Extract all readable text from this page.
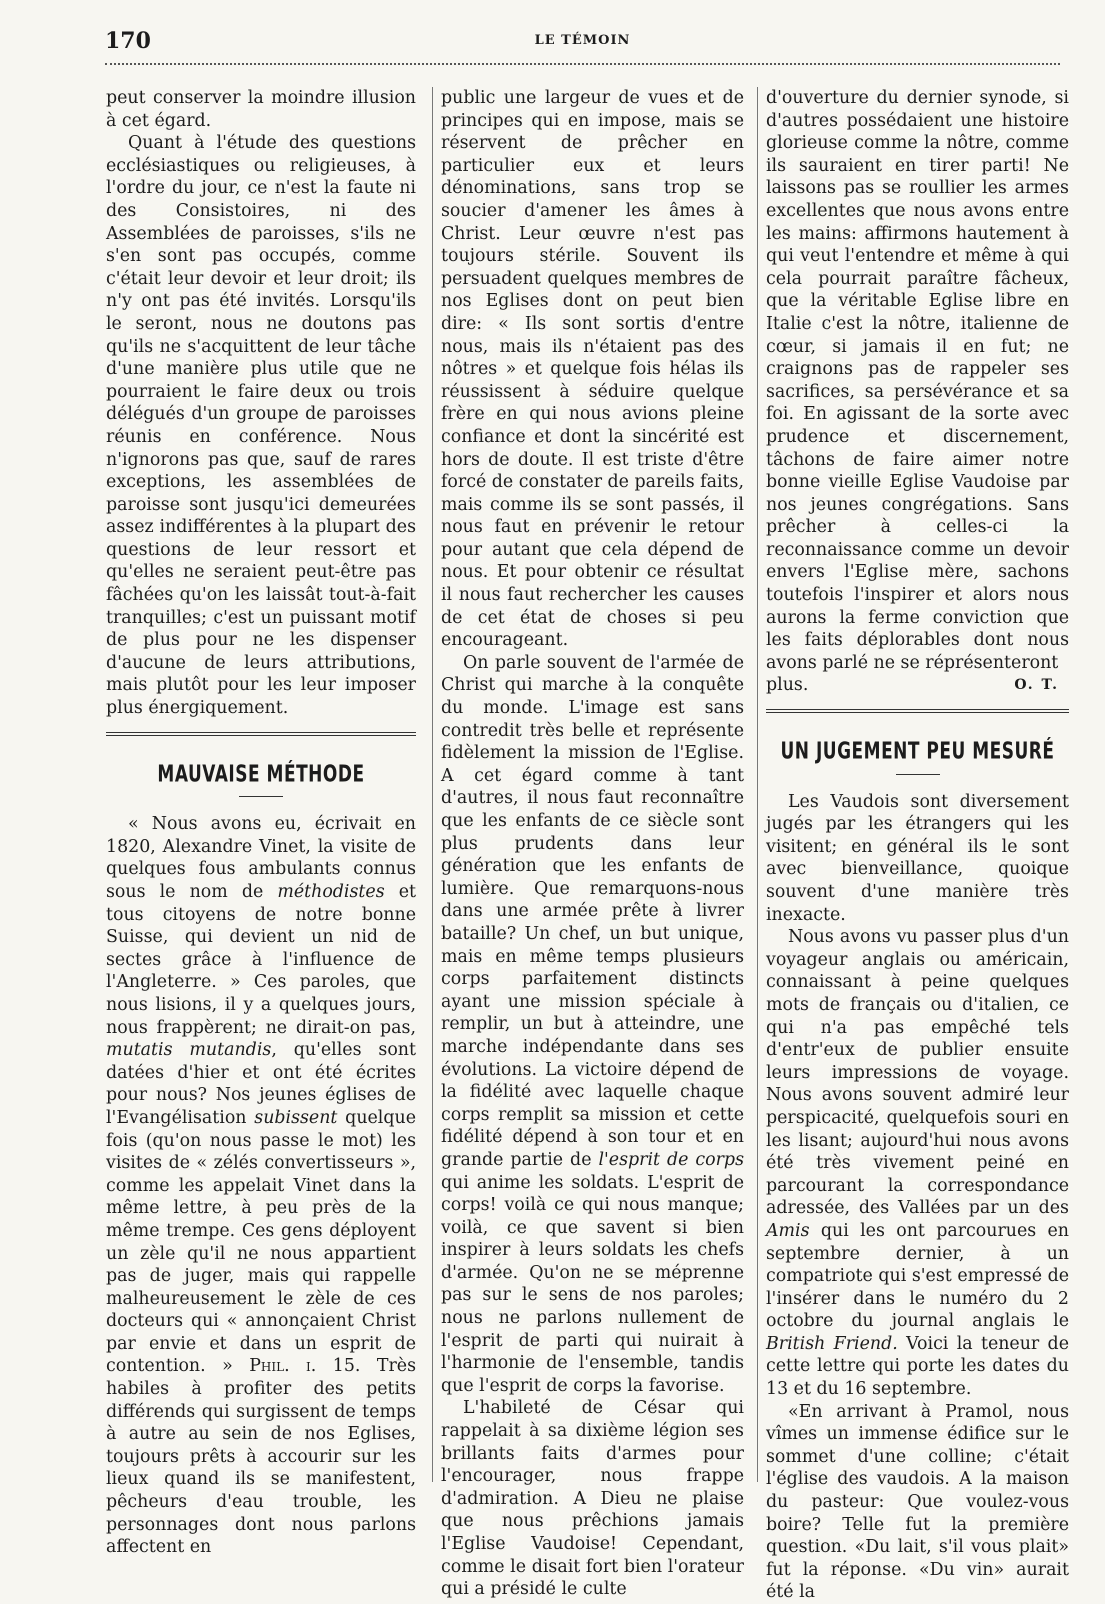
170	LE TÉMOIN

peut conserver la moindre illusion à cet égard.

Quant à l'étude des questions ecclésiastiques ou religieuses, à l'ordre du jour, ce n'est la faute ni des Consistoires, ni des Assemblées de paroisses, s'ils ne s'en sont pas occupés, comme c'était leur devoir et leur droit; ils n'y ont pas été invités. Lorsqu'ils le seront, nous ne doutons pas qu'ils ne s'acquittent de leur tâche d'une manière plus utile que ne pourraient le faire deux ou trois délégués d'un groupe de paroisses réunis en conférence. Nous n'ignorons pas que, sauf de rares exceptions, les assemblées de paroisse sont jusqu'ici demeurées assez indifférentes à la plupart des questions de leur ressort et qu'elles ne seraient peut-être pas fâchées qu'on les laissât tout-à-fait tranquilles; c'est un puissant motif de plus pour ne les dispenser d'aucune de leurs attributions, mais plutôt pour les leur imposer plus énergiquement.

MAUVAISE MÉTHODE

« Nous avons eu, écrivait en 1820, Alexandre Vinet, la visite de quelques fous ambulants connus sous le nom de méthodistes et tous citoyens de notre bonne Suisse, qui devient un nid de sectes grâce à l'influence de l'Angleterre. » Ces paroles, que nous lisions, il y a quelques jours, nous frappèrent; ne dirait-on pas, mutatis mutandis, qu'elles sont datées d'hier et ont été écrites pour nous? Nos jeunes églises de l'Evangélisation subissent quelque fois (qu'on nous passe le mot) les visites de « zélés convertisseurs », comme les appelait Vinet dans la même lettre, à peu près de la même trempe. Ces gens déployent un zèle qu'il ne nous appartient pas de juger, mais qui rappelle malheureusement le zèle de ces docteurs qui « annonçaient Christ par envie et dans un esprit de contention. » Phil. i. 15. Très habiles à profiter des petits différends qui surgissent de temps à autre au sein de nos Eglises, toujours prêts à accourir sur les lieux quand ils se manifestent, pêcheurs d'eau trouble, les personnages dont nous parlons affectent en

public une largeur de vues et de principes qui en impose, mais se réservent de prêcher en particulier eux et leurs dénominations, sans trop se soucier d'amener les âmes à Christ. Leur œuvre n'est pas toujours stérile. Souvent ils persuadent quelques membres de nos Eglises dont on peut bien dire: « Ils sont sortis d'entre nous, mais ils n'étaient pas des nôtres » et quelque fois hélas ils réussissent à séduire quelque frère en qui nous avions pleine confiance et dont la sincérité est hors de doute. Il est triste d'être forcé de constater de pareils faits, mais comme ils se sont passés, il nous faut en prévenir le retour pour autant que cela dépend de nous. Et pour obtenir ce résultat il nous faut rechercher les causes de cet état de choses si peu encourageant.

On parle souvent de l'armée de Christ qui marche à la conquête du monde. L'image est sans contredit très belle et représente fidèlement la mission de l'Eglise. A cet égard comme à tant d'autres, il nous faut reconnaître que les enfants de ce siècle sont plus prudents dans leur génération que les enfants de lumière. Que remarquons-nous dans une armée prête à livrer bataille? Un chef, un but unique, mais en même temps plusieurs corps parfaitement distincts ayant une mission spéciale à remplir, un but à atteindre, une marche indépendante dans ses évolutions. La victoire dépend de la fidélité avec laquelle chaque corps remplit sa mission et cette fidélité dépend à son tour et en grande partie de l'esprit de corps qui anime les soldats. L'esprit de corps! voilà ce qui nous manque; voilà, ce que savent si bien inspirer à leurs soldats les chefs d'armée. Qu'on ne se méprenne pas sur le sens de nos paroles; nous ne parlons nullement de l'esprit de parti qui nuirait à l'harmonie de l'ensemble, tandis que l'esprit de corps la favorise.

L'habileté de César qui rappelait à sa dixième légion ses brillants faits d'armes pour l'encourager, nous frappe d'admiration. A Dieu ne plaise que nous prêchions jamais l'Eglise Vaudoise! Cependant, comme le disait fort bien l'orateur qui a présidé le culte

d'ouverture du dernier synode, si d'autres possédaient une histoire glorieuse comme la nôtre, comme ils sauraient en tirer parti! Ne laissons pas se roullier les armes excellentes que nous avons entre les mains: affirmons hautement à qui veut l'entendre et même à qui cela pourrait paraître fâcheux, que la véritable Eglise libre en Italie c'est la nôtre, italienne de cœur, si jamais il en fut; ne craignons pas de rappeler ses sacrifices, sa persévérance et sa foi. En agissant de la sorte avec prudence et discernement, tâchons de faire aimer notre bonne vieille Eglise Vaudoise par nos jeunes congrégations. Sans prêcher à celles-ci la reconnaissance comme un devoir envers l'Eglise mère, sachons toutefois l'inspirer et alors nous aurons la ferme conviction que les faits déplorables dont nous avons parlé ne se réprésenteront

plus.	O. T.
UN JUGEMENT PEU MESURÉ

Les Vaudois sont diversement jugés par les étrangers qui les visitent; en général ils le sont avec bienveillance, quoique souvent d'une manière très inexacte.

Nous avons vu passer plus d'un voyageur anglais ou américain, connaissant à peine quelques mots de français ou d'italien, ce qui n'a pas empêché tels d'entr'eux de publier ensuite leurs impressions de voyage. Nous avons souvent admiré leur perspicacité, quelquefois souri en les lisant; aujourd'hui nous avons été très vivement peiné en parcourant la correspondance adressée, des Vallées par un des Amis qui les ont parcourues en septembre dernier, à un compatriote qui s'est empressé de l'insérer dans le numéro du 2 octobre du journal anglais le British Friend. Voici la teneur de cette lettre qui porte les dates du 13 et du 16 septembre.

«En arrivant à Pramol, nous vîmes un immense édifice sur le sommet d'une colline; c'était l'église des vaudois. A la maison du pasteur: Que voulez-vous boire? Telle fut la première question. «Du lait, s'il vous plait» fut la réponse. «Du vin» aurait été la
